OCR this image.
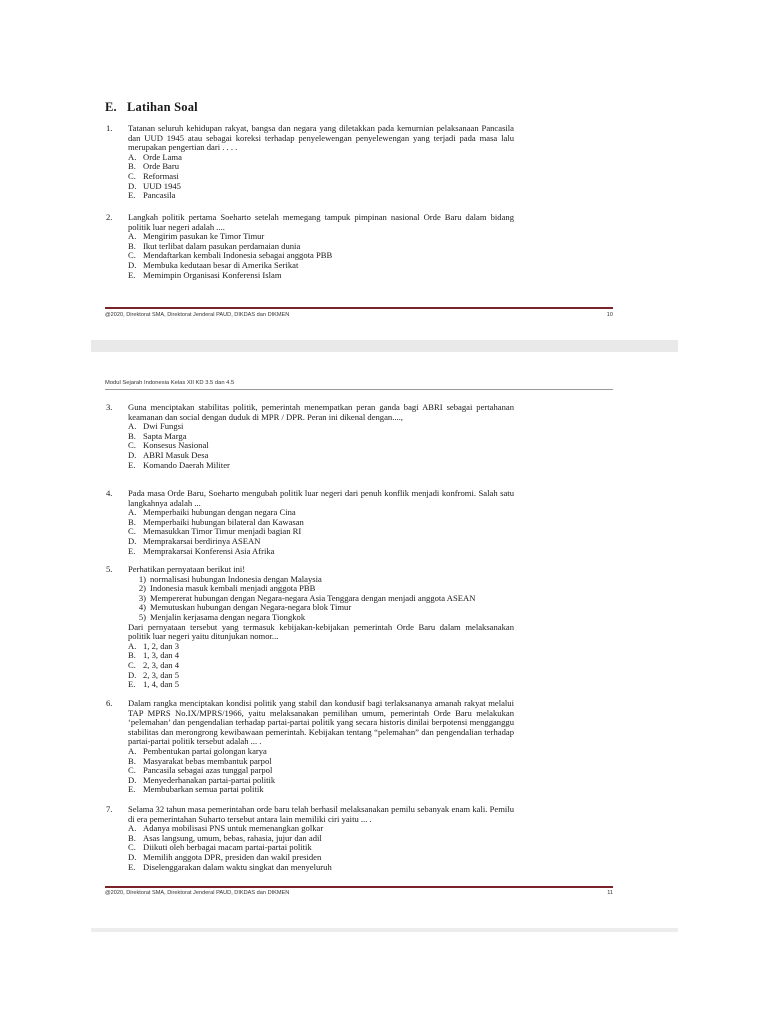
E. Latihan Soal
1.	Tatanan seluruh kehidupan rakyat, bangsa dan negara yang diletakkan pada kemurnian pelaksanaan Pancasila dan UUD 1945 atau sebagai koreksi terhadap penyelewengan penyelewengan yang terjadi pada masa lalu merupakan pengertian dari . . . .
A. Orde Lama
B. Orde Baru
C. Reformasi
D. UUD 1945
E. Pancasila
2.	Langkah politik pertama Soeharto setelah memegang tampuk pimpinan nasional Orde Baru dalam bidang politik luar negeri adalah ....
A. Mengirim pasukan ke Timor Timur
B. Ikut terlibat dalam pasukan perdamaian dunia
C. Mendaftarkan kembali Indonesia sebagai anggota PBB
D. Membuka kedutaan besar di Amerika Serikat
E. Memimpin Organisasi Konferensi Islam
@2020, Direktorat SMA, Direktorat Jenderal PAUD, DIKDAS dan DIKMEN	10
Modul Sejarah Indonesia Kelas XII KD 3.5 dan 4.5
3.	Guna menciptakan stabilitas politik, pemerintah menempatkan peran ganda bagi ABRI sebagai pertahanan keamanan dan social dengan duduk di MPR / DPR. Peran ini dikenal dengan....,
A. Dwi Fungsi
B. Sapta Marga
C. Konsesus Nasional
D. ABRI Masuk Desa
E. Komando Daerah Militer
4.	Pada masa Orde Baru, Soeharto mengubah politik luar negeri dari penuh konflik menjadi konfromi. Salah satu langkahnya adalah ...
A. Memperbaiki hubungan dengan negara Cina
B. Memperbaiki hubungan bilateral dan Kawasan
C. Memasukkan Timor Timur menjadi bagian RI
D. Memprakarsai berdirinya ASEAN
E. Memprakarsai Konferensi Asia Afrika
5.	Perhatikan pernyataan berikut ini!
1) normalisasi hubungan Indonesia dengan Malaysia
2) Indonesia masuk kembali menjadi anggota PBB
3) Mempererat hubungan dengan Negara-negara Asia Tenggara dengan menjadi anggota ASEAN
4) Memutuskan hubungan dengan Negara-negara blok Timur
5) Menjalin kerjasama dengan negara Tiongkok
Dari pernyataan tersebut yang termasuk kebijakan-kebijakan pemerintah Orde Baru dalam melaksanakan politik luar negeri yaitu ditunjukan nomor...
A. 1, 2, dan 3
B. 1, 3, dan 4
C. 2, 3, dan 4
D. 2, 3, dan 5
E. 1, 4, dan 5
6.	Dalam rangka menciptakan kondisi politik yang stabil dan kondusif bagi terlaksananya amanah rakyat melalui TAP MPRS No.IX/MPRS/1966, yaitu melaksanakan pemilihan umum, pemerintah Orde Baru melakukan ‘pelemahan’ dan pengendalian terhadap partai-partai politik yang secara historis dinilai berpotensi mengganggu stabilitas dan merongrong kewibawaan pemerintah. Kebijakan tentang “pelemahan” dan pengendalian terhadap partai-partai politik tersebut adalah ... .
A. Pembentukan partai golongan karya
B. Masyarakat bebas membantuk parpol
C. Pancasila sebagai azas tunggal parpol
D. Menyederhanakan partai-partai politik
E. Membubarkan semua partai politik
7.	Selama 32 tahun masa pemerintahan orde baru telah berhasil melaksanakan pemilu sebanyak enam kali. Pemilu di era pemerintahan Suharto tersebut antara lain memiliki ciri yaitu ... .
A. Adanya mobilisasi PNS untuk memenangkan golkar
B. Asas langsung, umum, bebas, rahasia, jujur dan adil
C. Diikuti oleh berbagai macam partai-partai politik
D. Memilih anggota DPR, presiden dan wakil presiden
E. Diselenggarakan dalam waktu singkat dan menyeluruh
@2020, Direktorat SMA, Direktorat Jenderal PAUD, DIKDAS dan DIKMEN	11
